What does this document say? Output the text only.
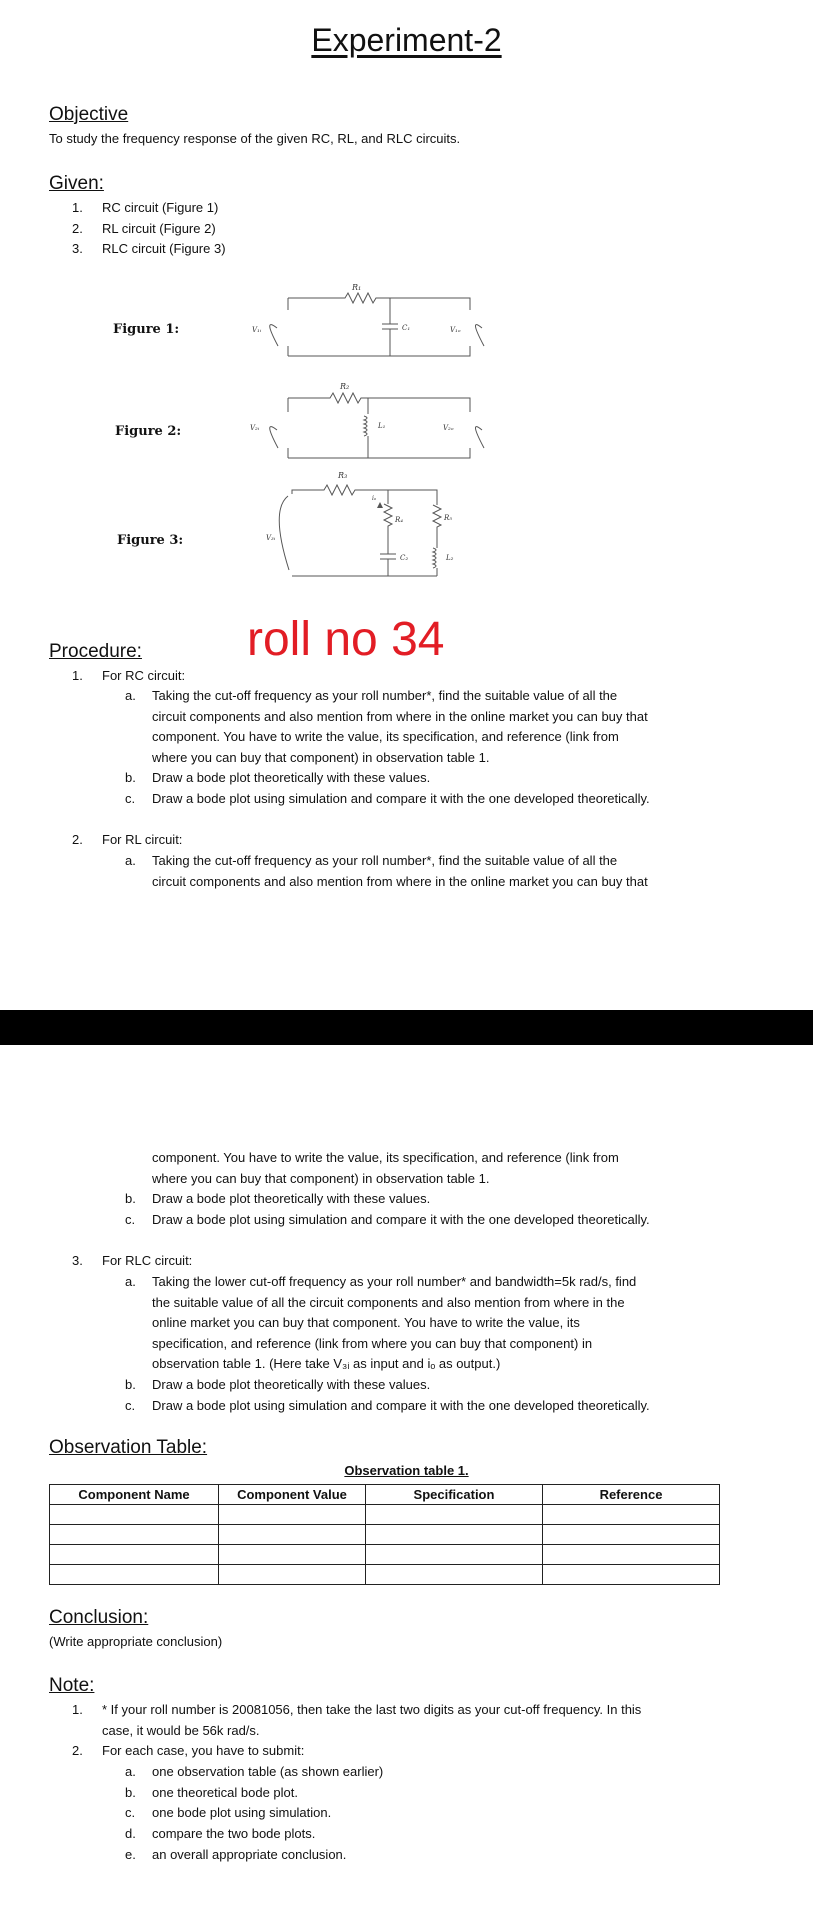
Experiment-2
Objective
To study the frequency response of the given RC, RL, and RLC circuits.
Given:
1. RC circuit (Figure 1)
2. RL circuit (Figure 2)
3. RLC circuit (Figure 3)
Figure 1:	V₁ᵢ
R₁
C₁	V₁ₒ
Figure 2:	V₂ᵢ
R₂
L₁	V₂ₒ
Figure 3:	V₃ᵢ
R₃
iₒ
R₄	R₅
C₂	L₂
Procedure: roll no 34
1. For RC circuit:
a. Taking the cut-off frequency as your roll number*, find the suitable value of all the
circuit components and also mention from where in the online market you can buy that
component. You have to write the value, its specification, and reference (link from
where you can buy that component) in observation table 1.
b. Draw a bode plot theoretically with these values.
c. Draw a bode plot using simulation and compare it with the one developed theoretically.
2. For RL circuit:
a. Taking the cut-off frequency as your roll number*, find the suitable value of all the
circuit components and also mention from where in the online market you can buy that
component. You have to write the value, its specification, and reference (link from
where you can buy that component) in observation table 1.
b. Draw a bode plot theoretically with these values.
c. Draw a bode plot using simulation and compare it with the one developed theoretically.
3. For RLC circuit:
a. Taking the lower cut-off frequency as your roll number* and bandwidth=5k rad/s, find
the suitable value of all the circuit components and also mention from where in the
online market you can buy that component. You have to write the value, its
specification, and reference (link from where you can buy that component) in
observation table 1. (Here take V₃ᵢ as input and iₒ as output.)
b. Draw a bode plot theoretically with these values.
c. Draw a bode plot using simulation and compare it with the one developed theoretically.
Observation Table:
Observation table 1.
Component Name	Component Value	Specification	Reference

Conclusion:
(Write appropriate conclusion)
Note:
1. * If your roll number is 20081056, then take the last two digits as your cut-off frequency. In this
case, it would be 56k rad/s.
2. For each case, you have to submit:
a. one observation table (as shown earlier)
b. one theoretical bode plot.
c. one bode plot using simulation.
d. compare the two bode plots.
e. an overall appropriate conclusion.
